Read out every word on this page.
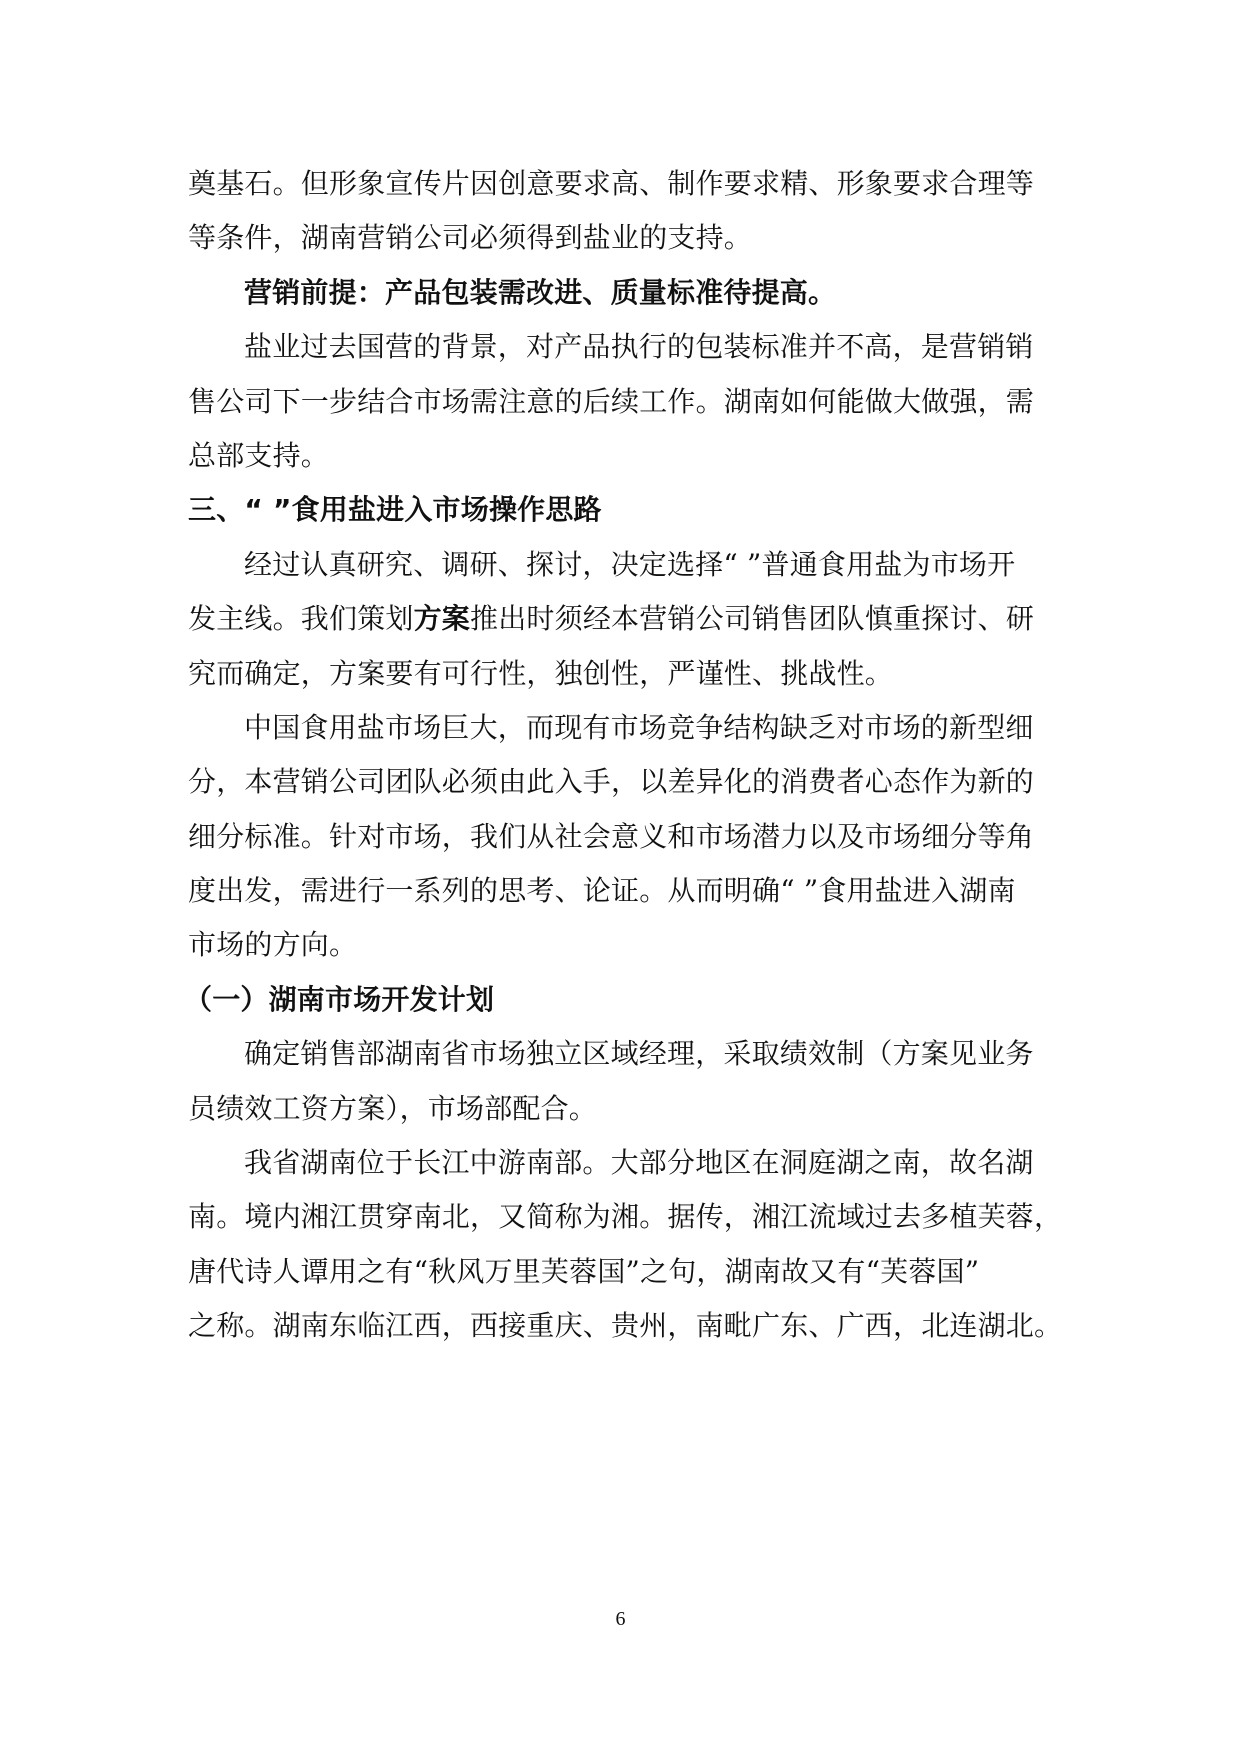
奠基石。但形象宣传片因创意要求高、制作要求精、形象要求合理等

等条件，湖南营销公司必须得到盐业的支持。

营销前提：产品包装需改进、质量标准待提高。

盐业过去国营的背景，对产品执行的包装标准并不高，是营销销

售公司下一步结合市场需注意的后续工作。湖南如何能做大做强，需

总部支持。

三、“ ”食用盐进入市场操作思路

经过认真研究、调研、探讨，决定选择“ ”普通食用盐为市场开

发主线。我们策划方案推出时须经本营销公司销售团队慎重探讨、研

究而确定，方案要有可行性，独创性，严谨性、挑战性。

中国食用盐市场巨大，而现有市场竞争结构缺乏对市场的新型细

分，本营销公司团队必须由此入手，以差异化的消费者心态作为新的

细分标准。针对市场，我们从社会意义和市场潜力以及市场细分等角

度出发，需进行一系列的思考、论证。从而明确“ ”食用盐进入湖南

市场的方向。

（一）湖南市场开发计划

确定销售部湖南省市场独立区域经理，采取绩效制（方案见业务

员绩效工资方案），市场部配合。

我省湖南位于长江中游南部。大部分地区在洞庭湖之南，故名湖

南。境内湘江贯穿南北，又简称为湘。据传，湘江流域过去多植芙蓉，

唐代诗人谭用之有“秋风万里芙蓉国”之句，湖南故又有“芙蓉国”

之称。湖南东临江西，西接重庆、贵州，南毗广东、广西，北连湖北。

6
